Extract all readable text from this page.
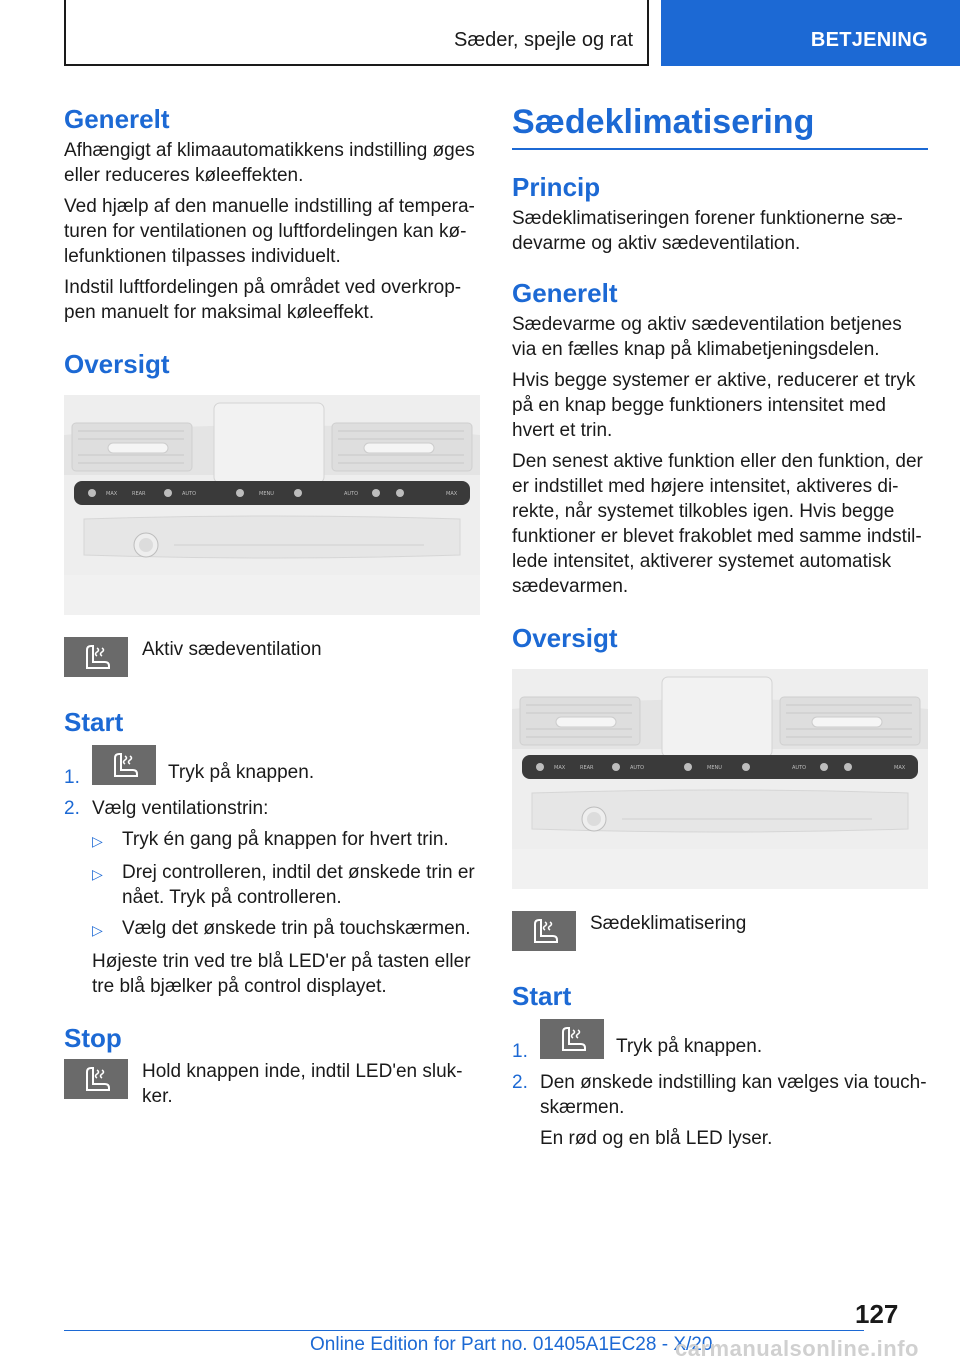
Sæder, spejle og rat	BETJENING
Generelt

Afhængigt af klimaautomatikkens indstilling øges eller reduceres køleeffekten.

Ved hjælp af den manuelle indstilling af temperaturen for ventilationen og luftfordelingen kan kølefunktionen tilpasses individuelt.

Indstil luftfordelingen på området ved overkroppen manuelt for maksimal køleeffekt.

Oversigt
MAX	REAR	AUTO	MENU	AUTO	MAX
Aktiv sædeventilation
Start
1.	Tryk på knappen.
2. Vælg ventilationstrin:
▷	Tryk én gang på knappen for hvert trin.
▷	Drej controlleren, indtil det ønskede trin er nået. Tryk på controlleren.
▷	Vælg det ønskede trin på touchskærmen.

Højeste trin ved tre blå LED'er på tasten eller tre blå bjælker på control displayet.

Stop
Hold knappen inde, indtil LED'en slukker.
Sædeklimatisering
Princip

Sædeklimatiseringen forener funktionerne sædevarme og aktiv sædeventilation.

Generelt

Sædevarme og aktiv sædeventilation betjenes via en fælles knap på klimabetjeningsdelen.

Hvis begge systemer er aktive, reducerer et tryk på en knap begge funktioners intensitet med hvert et trin.

Den senest aktive funktion eller den funktion, der er indstillet med højere intensitet, aktiveres direkte, når systemet tilkobles igen. Hvis begge funktioner er blevet frakoblet med samme indstillede intensitet, aktiverer systemet automatisk sædevarmen.

Oversigt
MAX	REAR	AUTO	MENU	AUTO	MAX
Sædeklimatisering
Start
1.	Tryk på knappen.
2. Den ønskede indstilling kan vælges via touchskærmen.

En rød og en blå LED lyser.

127
Online Edition for Part no. 01405A1EC28 - X/20
carmanualsonline.info
